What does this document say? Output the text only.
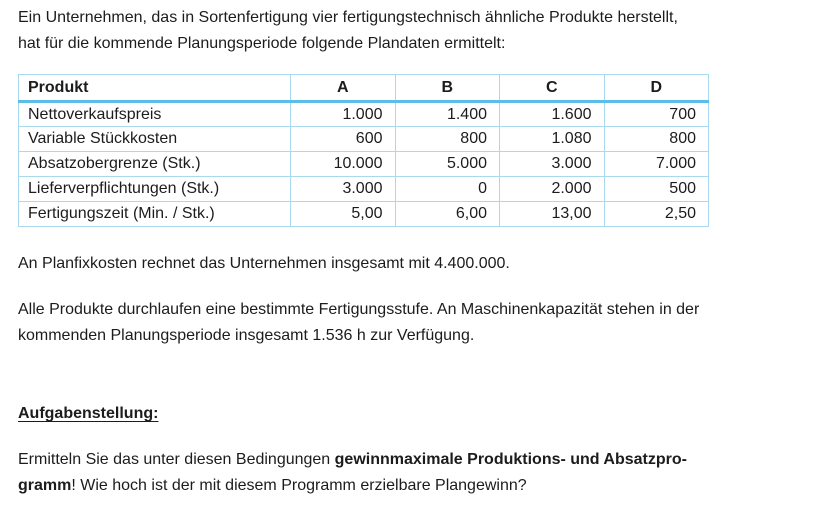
Ein Unternehmen, das in Sortenfertigung vier fertigungstechnisch ähnliche Produkte herstellt,
hat für die kommende Planungsperiode folgende Plandaten ermittelt:

Produkt	A	B	C	D
Nettoverkaufspreis	1.000	1.400	1.600	700
Variable Stückkosten	600	800	1.080	800
Absatzobergrenze (Stk.)	10.000	5.000	3.000	7.000
Lieferverpflichtungen (Stk.)	3.000	0	2.000	500
Fertigungszeit (Min. / Stk.)	5,00	6,00	13,00	2,50

An Planfixkosten rechnet das Unternehmen insgesamt mit 4.400.000.

Alle Produkte durchlaufen eine bestimmte Fertigungsstufe. An Maschinenkapazität stehen in der
kommenden Planungsperiode insgesamt 1.536 h zur Verfügung.

Aufgabenstellung:

Ermitteln Sie das unter diesen Bedingungen gewinnmaximale Produktions- und Absatzpro-
gramm! Wie hoch ist der mit diesem Programm erzielbare Plangewinn?
